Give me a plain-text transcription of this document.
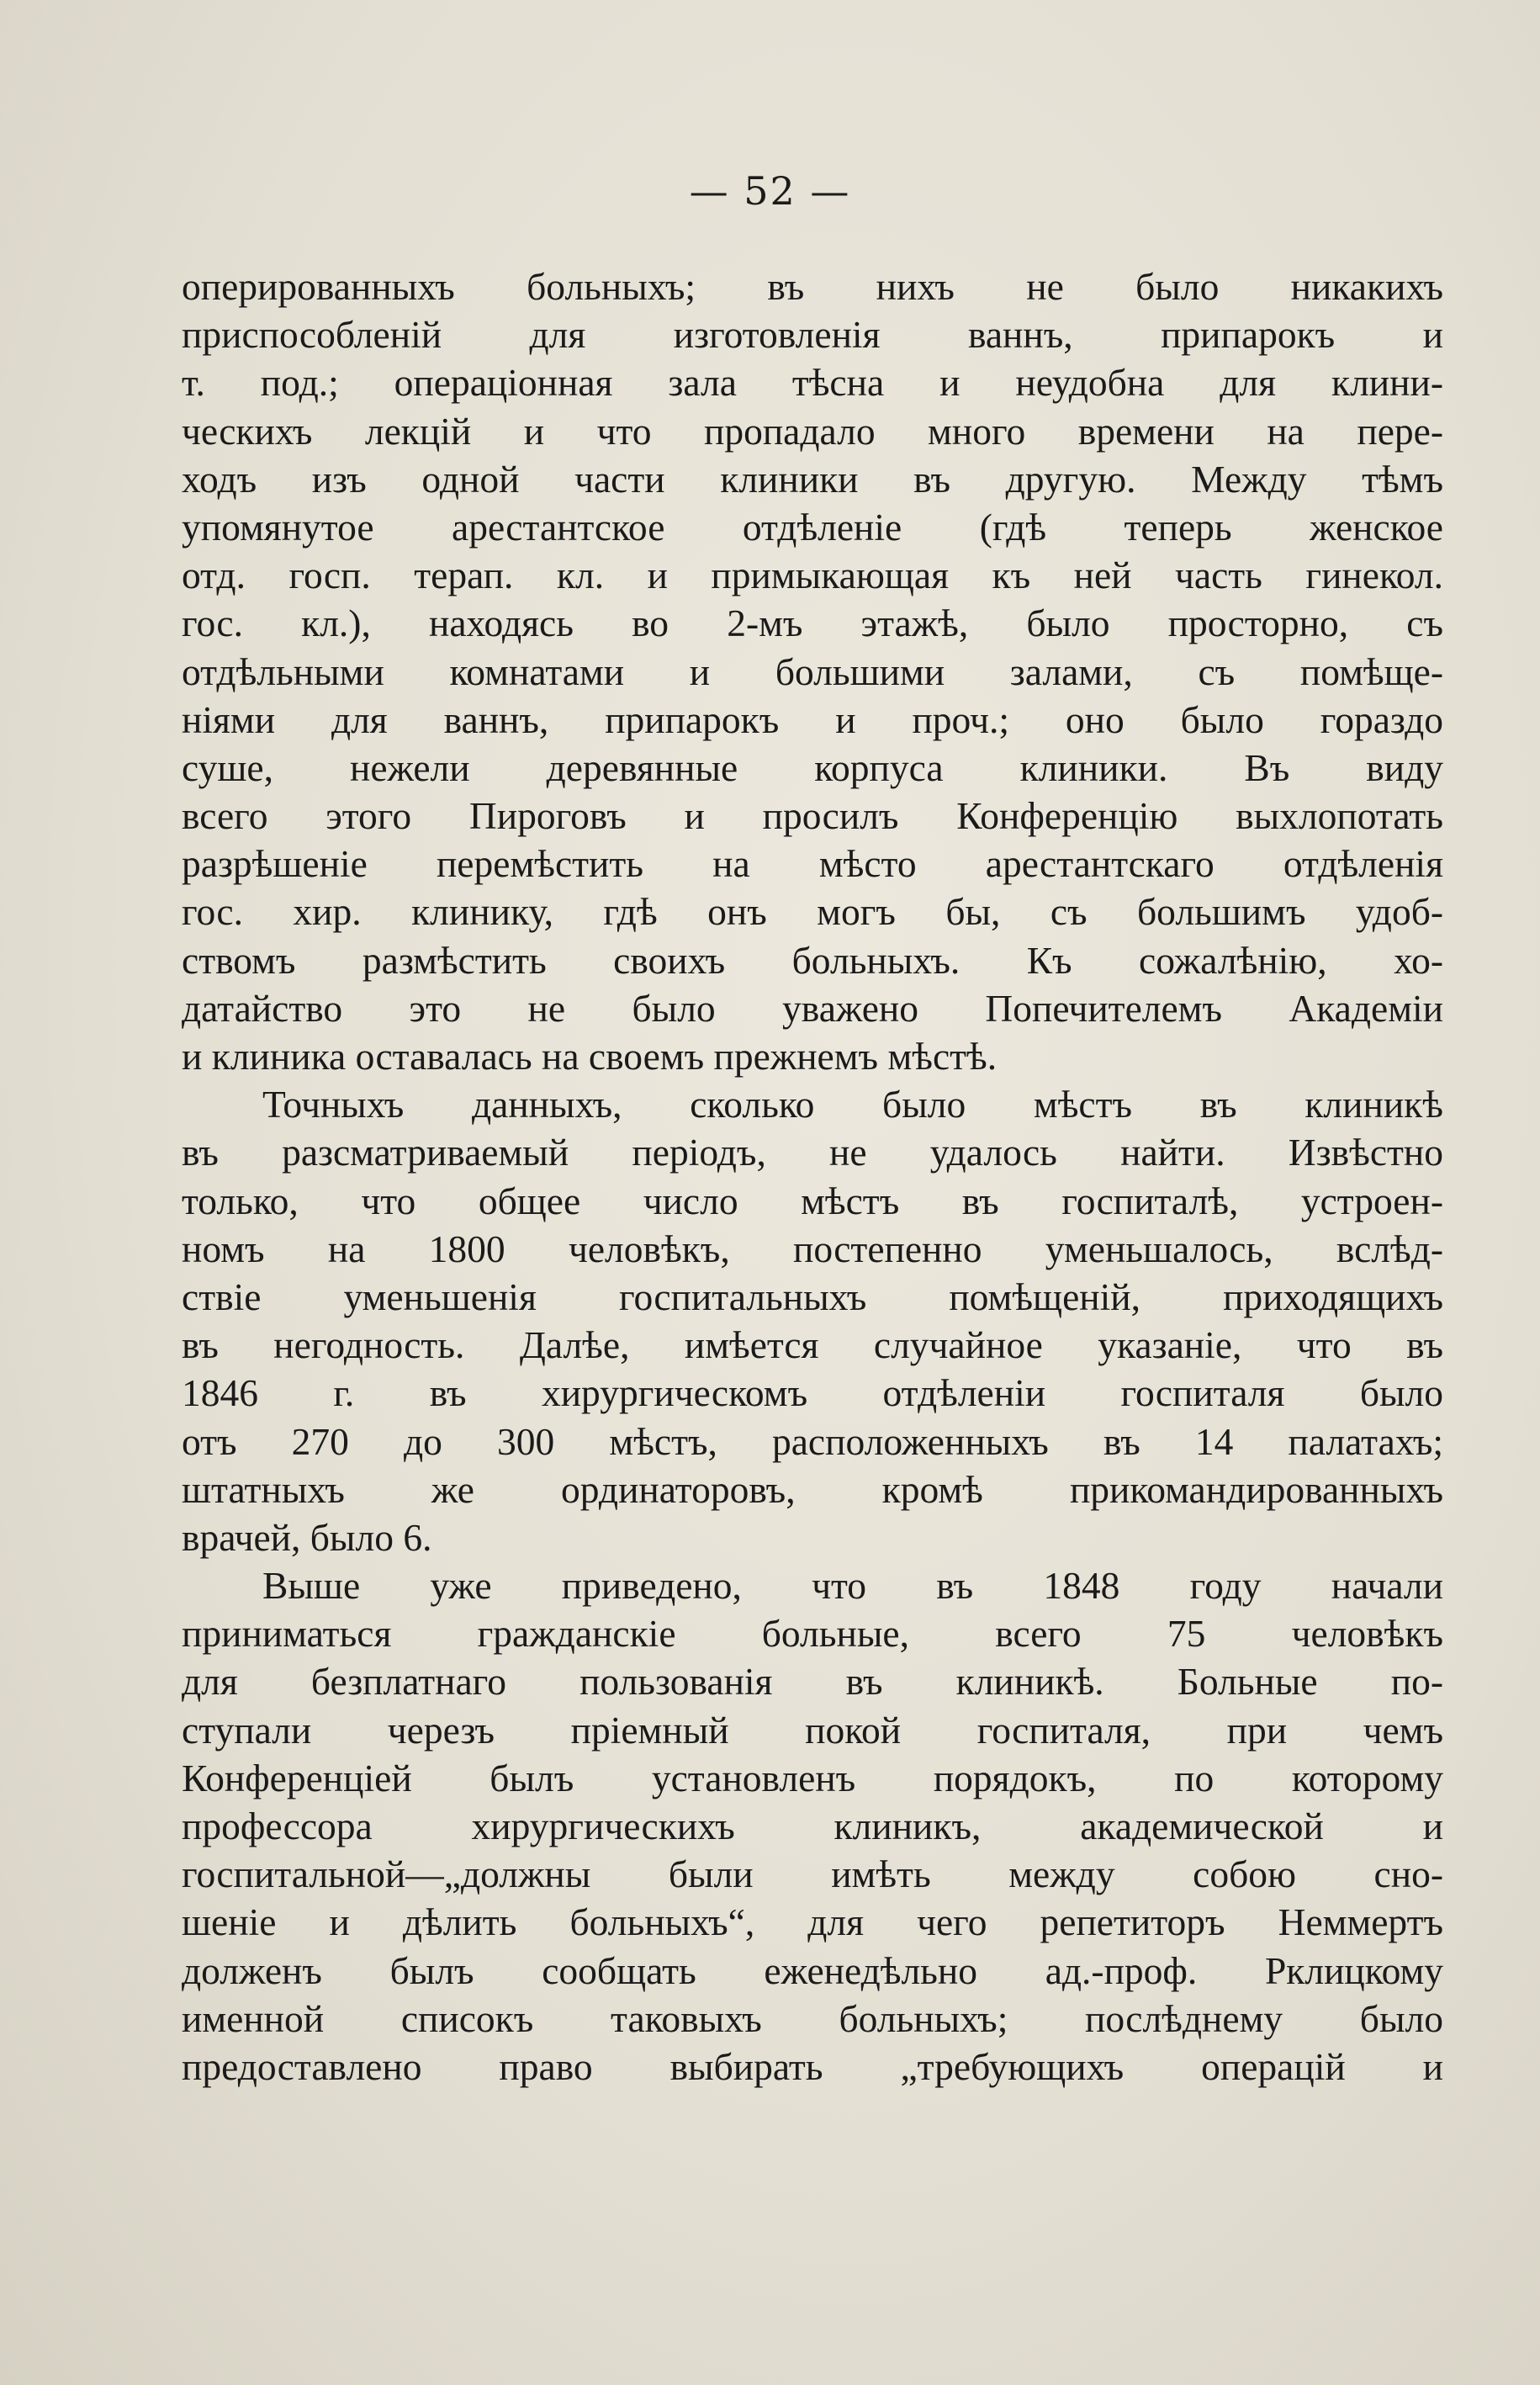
— 52 —
оперированныхъ больныхъ; въ нихъ не было никакихъ
приспособленій для изготовленія ваннъ, припарокъ и
т. под.; операціонная зала тѣсна и неудобна для клини-
ческихъ лекцій и что пропадало много времени на пере-
ходъ изъ одной части клиники въ другую. Между тѣмъ
упомянутое арестантское отдѣленіе (гдѣ теперь женское
отд. госп. терап. кл. и примыкающая къ ней часть гинекол.
гос. кл.), находясь во 2-мъ этажѣ, было просторно, съ
отдѣльными комнатами и большими залами, съ помѣще-
ніями для ваннъ, припарокъ и проч.; оно было гораздо
суше, нежели деревянные корпуса клиники. Въ виду
всего этого Пироговъ и просилъ Конференцію выхлопотать
разрѣшеніе перемѣстить на мѣсто арестантскаго отдѣленія
гос. хир. клинику, гдѣ онъ могъ бы, съ большимъ удоб-
ствомъ размѣстить своихъ больныхъ. Къ сожалѣнію, хо-
датайство это не было уважено Попечителемъ Академіи
и клиника оставалась на своемъ прежнемъ мѣстѣ.
Точныхъ данныхъ, сколько было мѣстъ въ клиникѣ
въ разсматриваемый періодъ, не удалось найти. Извѣстно
только, что общее число мѣстъ въ госпиталѣ, устроен-
номъ на 1800 человѣкъ, постепенно уменьшалось, вслѣд-
ствіе уменьшенія госпитальныхъ помѣщеній, приходящихъ
въ негодность. Далѣе, имѣется случайное указаніе, что въ
1846 г. въ хирургическомъ отдѣленіи госпиталя было
отъ 270 до 300 мѣстъ, расположенныхъ въ 14 палатахъ;
штатныхъ же ординаторовъ, кромѣ прикомандированныхъ
врачей, было 6.
Выше уже приведено, что въ 1848 году начали
приниматься гражданскіе больные, всего 75 человѣкъ
для безплатнаго пользованія въ клиникѣ. Больные по-
ступали черезъ пріемный покой госпиталя, при чемъ
Конференціей былъ установленъ порядокъ, по которому
профессора хирургическихъ клиникъ, академической и
госпитальной—„должны были имѣть между собою сно-
шеніе и дѣлить больныхъ“, для чего репетиторъ Неммертъ
долженъ былъ сообщать еженедѣльно ад.-проф. Рклицкому
именной списокъ таковыхъ больныхъ; послѣднему было
предоставлено право выбирать „требующихъ операцій и
